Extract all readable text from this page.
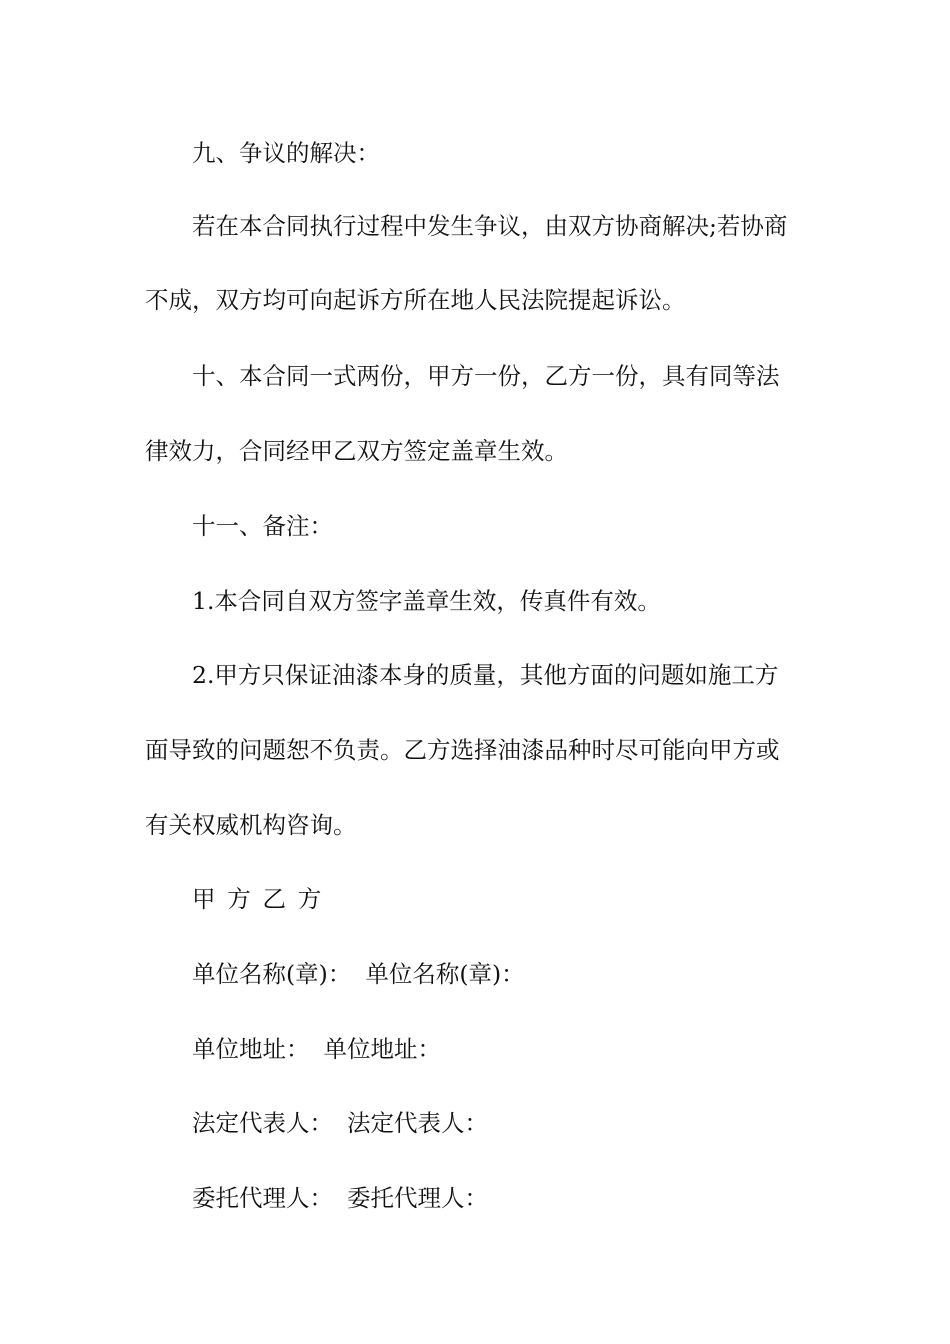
九、争议的解决：
若在本合同执行过程中发生争议，由双方协商解决;若协商
不成，双方均可向起诉方所在地人民法院提起诉讼。
十、本合同一式两份，甲方一份，乙方一份，具有同等法
律效力，合同经甲乙双方签定盖章生效。
十一、备注：
1.本合同自双方签字盖章生效，传真件有效。
2.甲方只保证油漆本身的质量，其他方面的问题如施工方
面导致的问题恕不负责。乙方选择油漆品种时尽可能向甲方或
有关权威机构咨询。
甲方乙方
单位名称(章)： 单位名称(章)：
单位地址： 单位地址：
法定代表人： 法定代表人：
委托代理人： 委托代理人：
